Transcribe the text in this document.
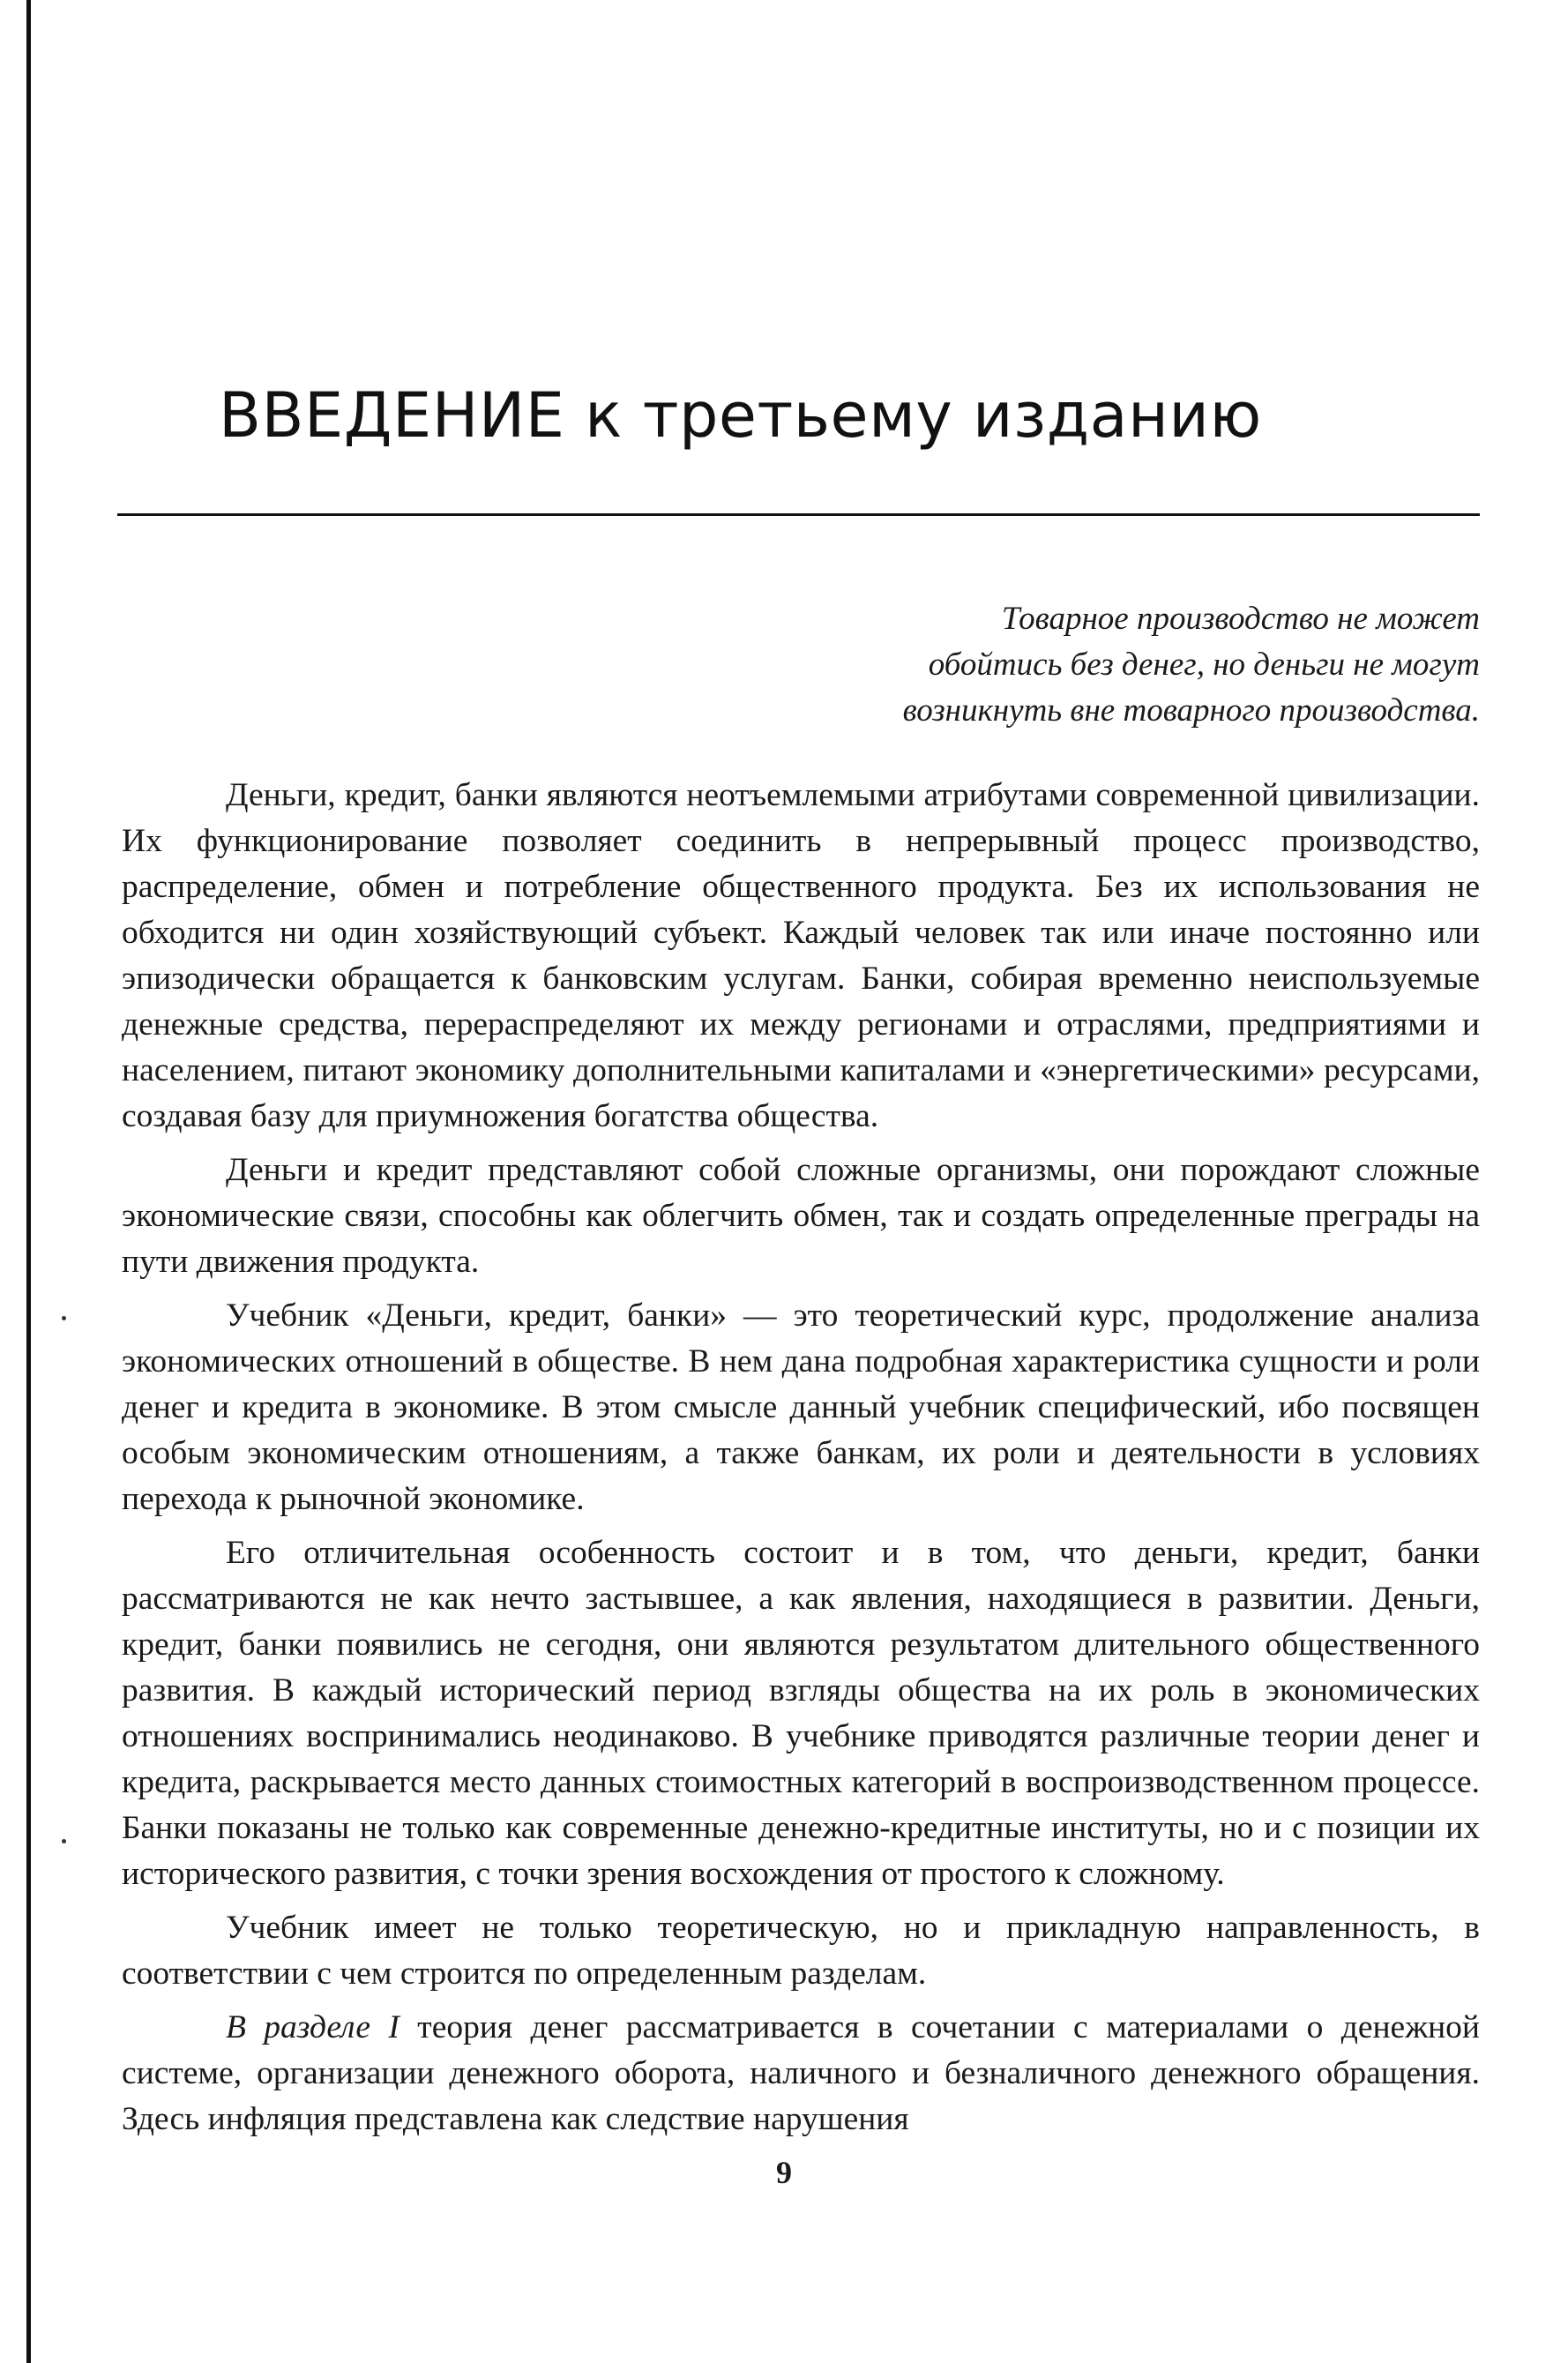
ВВЕДЕНИЕ к третьему изданию
Товарное производство не может
обойтись без денег, но деньги не могут
возникнуть вне товарного производства.

Деньги, кредит, банки являются неотъемлемыми атрибутами современной цивилизации. Их функционирование позволяет соединить в непрерывный процесс производство, распределение, обмен и потребление общественного продукта. Без их использования не обходится ни один хозяйствующий субъект. Каждый человек так или иначе постоянно или эпизодически обращается к банковским услугам. Банки, собирая временно неиспользуемые денежные средства, перераспределяют их между регионами и отраслями, предприятиями и населением, питают экономику дополнительными капиталами и «энергетическими» ресурсами, создавая базу для приумножения богатства общества.

Деньги и кредит представляют собой сложные организмы, они порождают сложные экономические связи, способны как облегчить обмен, так и создать определенные преграды на пути движения продукта.

Учебник «Деньги, кредит, банки» — это теоретический курс, продолжение анализа экономических отношений в обществе. В нем дана подробная характеристика сущности и роли денег и кредита в экономике. В этом смысле данный учебник специфический, ибо посвящен особым экономическим отношениям, а также банкам, их роли и деятельности в условиях перехода к рыночной экономике.

Его отличительная особенность состоит и в том, что деньги, кредит, банки рассматриваются не как нечто застывшее, а как явления, находящиеся в развитии. Деньги, кредит, банки появились не сегодня, они являются результатом длительного общественного развития. В каждый исторический период взгляды общества на их роль в экономических отношениях воспринимались неодинаково. В учебнике приводятся различные теории денег и кредита, раскрывается место данных стоимостных категорий в воспроизводственном процессе. Банки показаны не только как современные денежно-кредитные институты, но и с позиции их исторического развития, с точки зрения восхождения от простого к сложному.

Учебник имеет не только теоретическую, но и прикладную направленность, в соответствии с чем строится по определенным разделам.

В разделе I теория денег рассматривается в сочетании с материалами о денежной системе, организации денежного оборота, наличного и безналичного денежного обращения. Здесь инфляция представлена как следствие нарушения

9
